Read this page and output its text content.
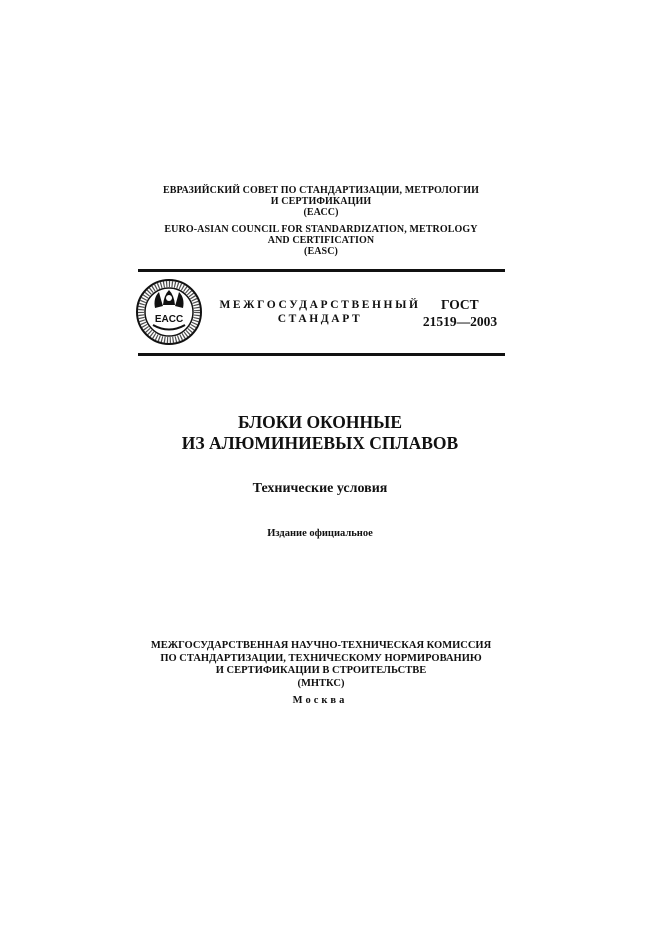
ЕВРАЗИЙСКИЙ СОВЕТ ПО СТАНДАРТИЗАЦИИ, МЕТРОЛОГИИ
И СЕРТИФИКАЦИИ
(ЕАСС)
EURO-ASIAN COUNCIL FOR STANDARDIZATION, METROLOGY
AND CERTIFICATION
(EASC)
EACC
МЕЖГОСУДАРСТВЕННЫЙ
СТАНДАРТ
ГОСТ
21519—2003
БЛОКИ ОКОННЫЕ
ИЗ АЛЮМИНИЕВЫХ СПЛАВОВ
Технические условия
Издание официальное
МЕЖГОСУДАРСТВЕННАЯ НАУЧНО-ТЕХНИЧЕСКАЯ КОМИССИЯ
ПО СТАНДАРТИЗАЦИИ, ТЕХНИЧЕСКОМУ НОРМИРОВАНИЮ
И СЕРТИФИКАЦИИ В СТРОИТЕЛЬСТВЕ
(МНТКС)
Москва
